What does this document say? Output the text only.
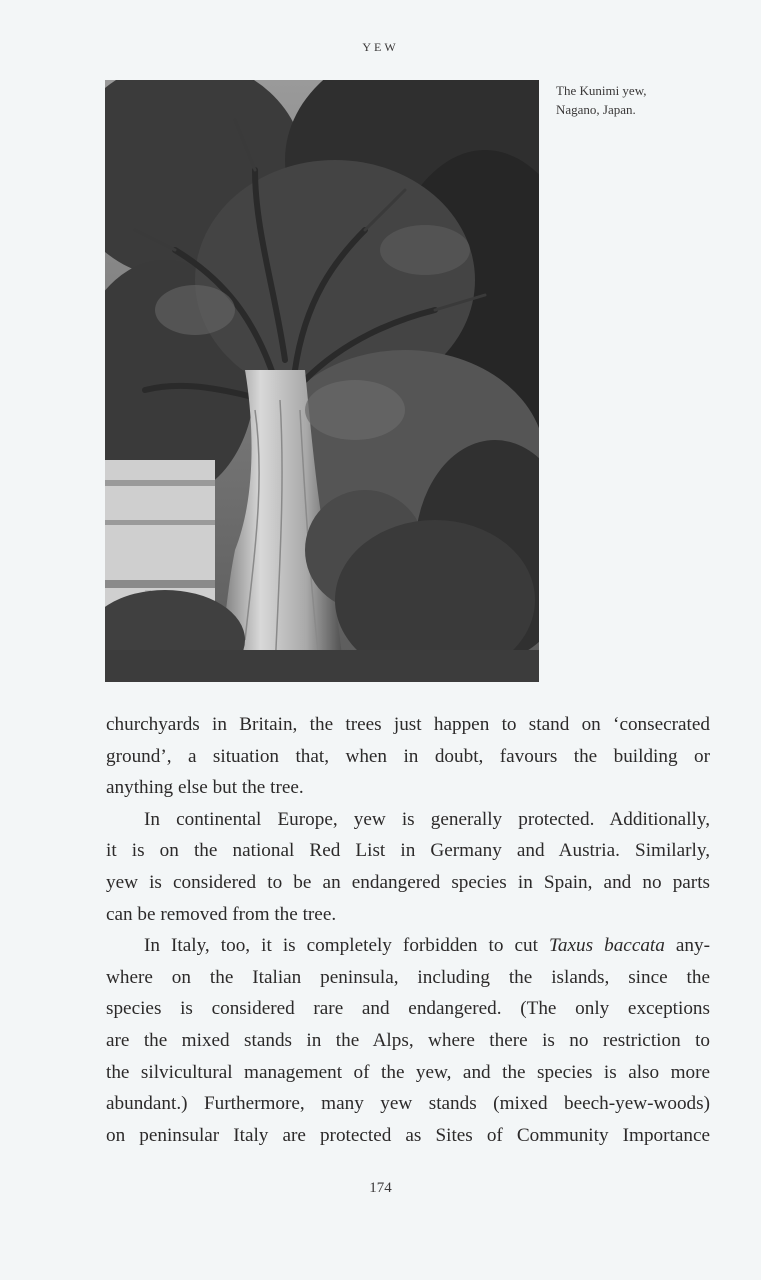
YEW
The Kunimi yew,
Nagano, Japan.
churchyards in Britain, the trees just happen to stand on ‘consecrated
ground’, a situation that, when in doubt, favours the building or
anything else but the tree.
In continental Europe, yew is generally protected. Additionally,
it is on the national Red List in Germany and Austria. Similarly,
yew is considered to be an endangered species in Spain, and no parts
can be removed from the tree.
In Italy, too, it is completely forbidden to cut Taxus baccata any-
where on the Italian peninsula, including the islands, since the
species is considered rare and endangered. (The only exceptions
are the mixed stands in the Alps, where there is no restriction to
the silvicultural management of the yew, and the species is also more
abundant.) Furthermore, many yew stands (mixed beech-yew-woods)
on peninsular Italy are protected as Sites of Community Importance
174
